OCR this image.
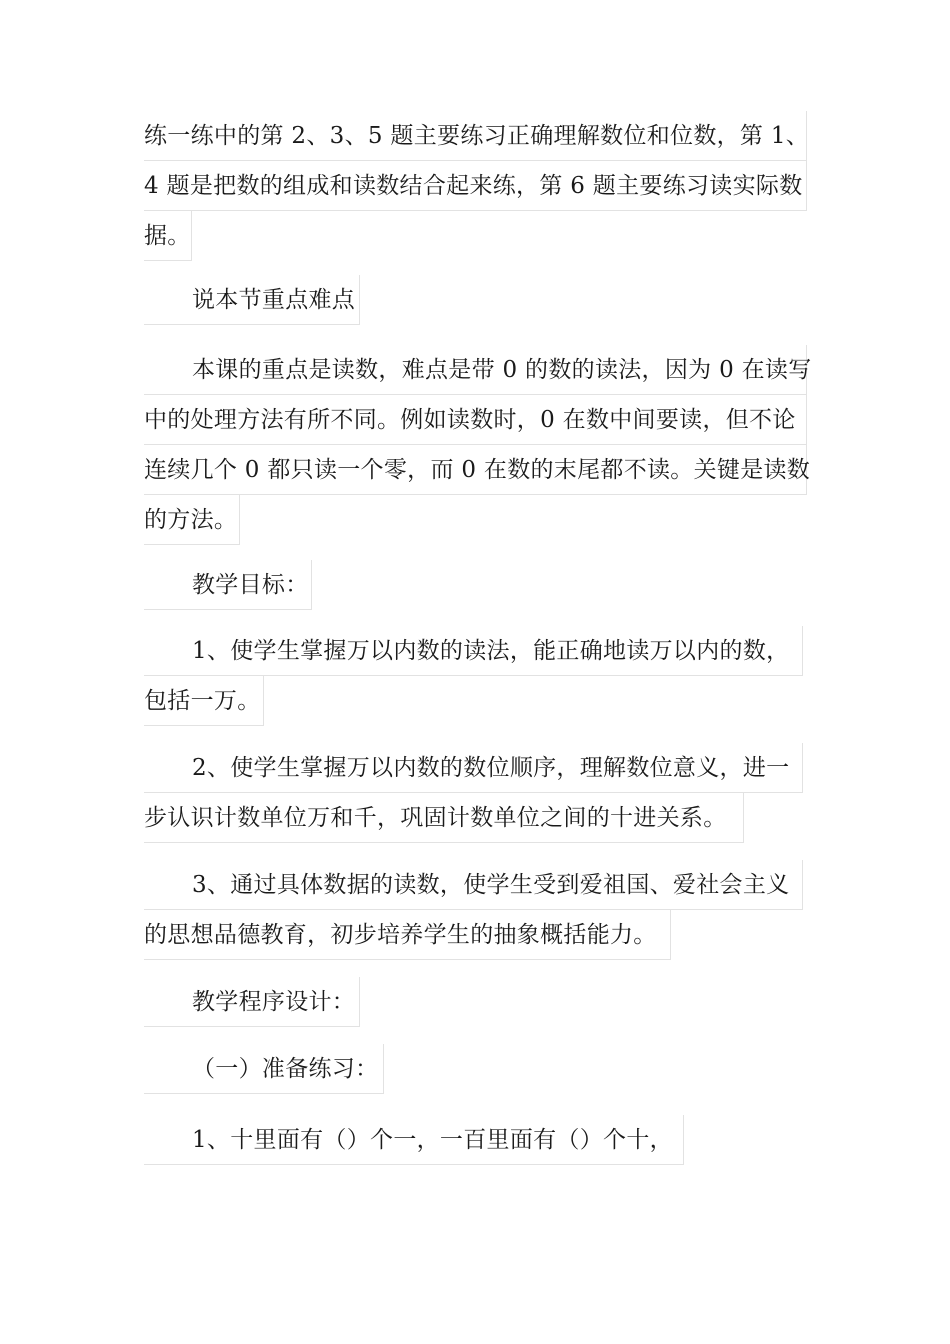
练一练中的第 2、3、5 题主要练习正确理解数位和位数，第 1、
4 题是把数的组成和读数结合起来练，第 6 题主要练习读实际数
据。
说本节重点难点
本课的重点是读数，难点是带 0 的数的读法，因为 0 在读写
中的处理方法有所不同。例如读数时，0 在数中间要读，但不论
连续几个 0 都只读一个零，而 0 在数的末尾都不读。关键是读数
的方法。
教学目标：
1、使学生掌握万以内数的读法，能正确地读万以内的数，
包括一万。
2、使学生掌握万以内数的数位顺序，理解数位意义，进一
步认识计数单位万和千，巩固计数单位之间的十进关系。
3、通过具体数据的读数，使学生受到爱祖国、爱社会主义
的思想品德教育，初步培养学生的抽象概括能力。
教学程序设计：
（一）准备练习：
1、十里面有（）个一，一百里面有（）个十，
